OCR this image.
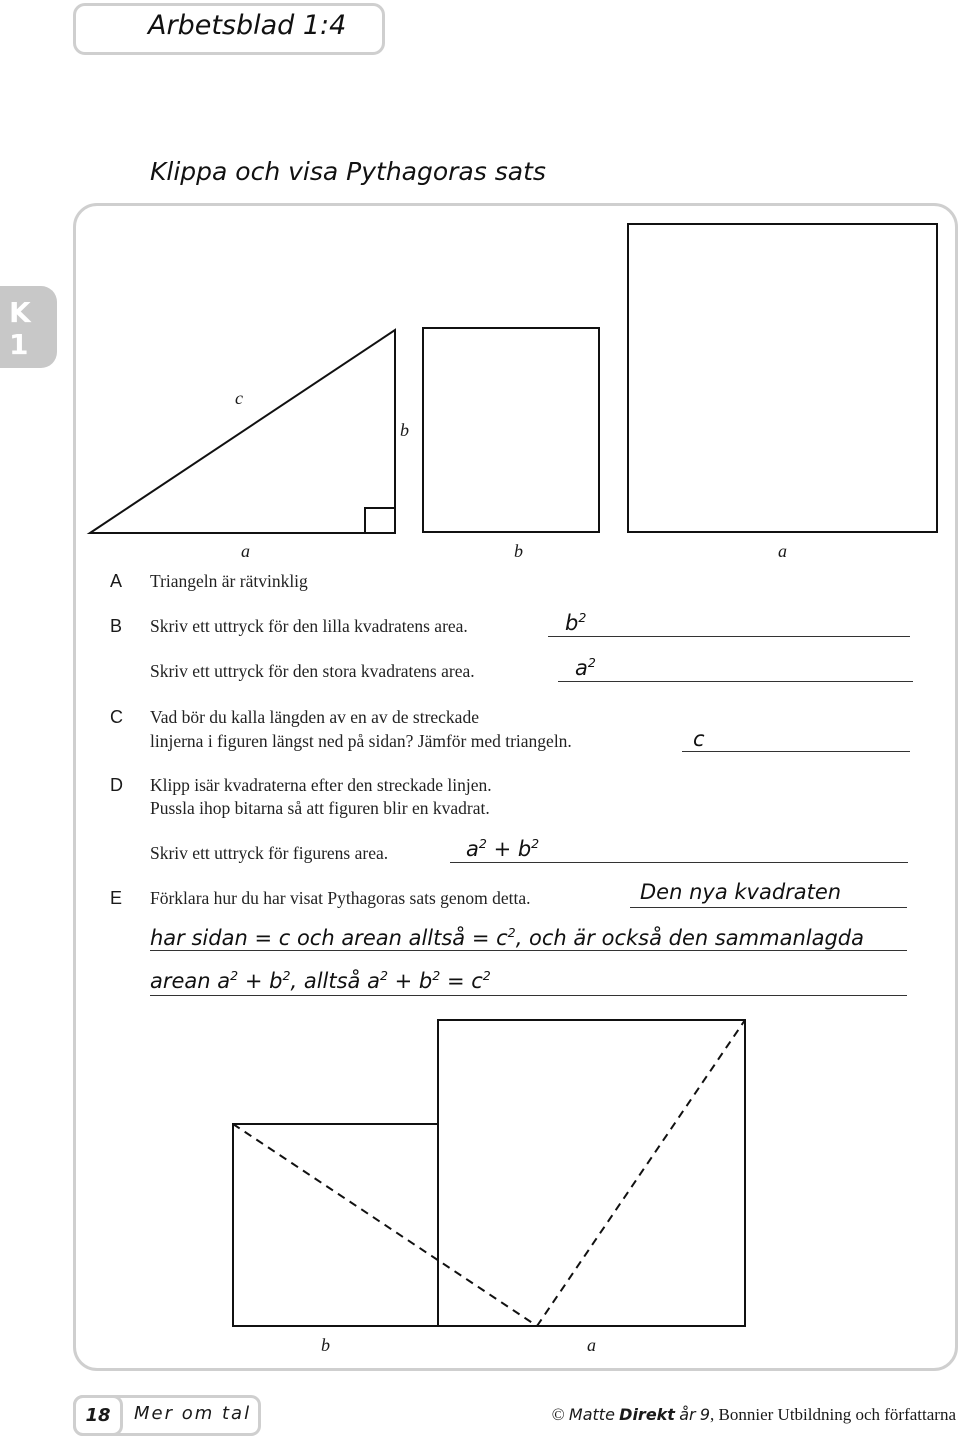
Arbetsblad 1:4
Klippa och visa Pythagoras sats
K
1
c
b
a	b	a
A Triangeln är rätvinklig
B Skriv ett uttryck för den lilla kvadratens area.	$b^2$
Skriv ett uttryck för den stora kvadratens area.	$a^2$
C Vad bör du kalla längden av en av de streckade
linjerna i figuren längst ned på sidan? Jämför med triangeln.	c
D Klipp isär kvadraterna efter den streckade linjen.
Pussla ihop bitarna så att figuren blir en kvadrat.
Skriv ett uttryck för figurens area.	$a^2 + b^2$
E Förklara hur du har visat Pythagoras sats genom detta.	Den nya kvadraten
har sidan = c och arean alltså = $c^2$, och är också den sammanlagda
arean $a^2 + b^2$, alltså $a^2 + b^2 = c^2$
b	a
18	Mer om tal	© Matte Direkt år 9, Bonnier Utbildning och författarna
